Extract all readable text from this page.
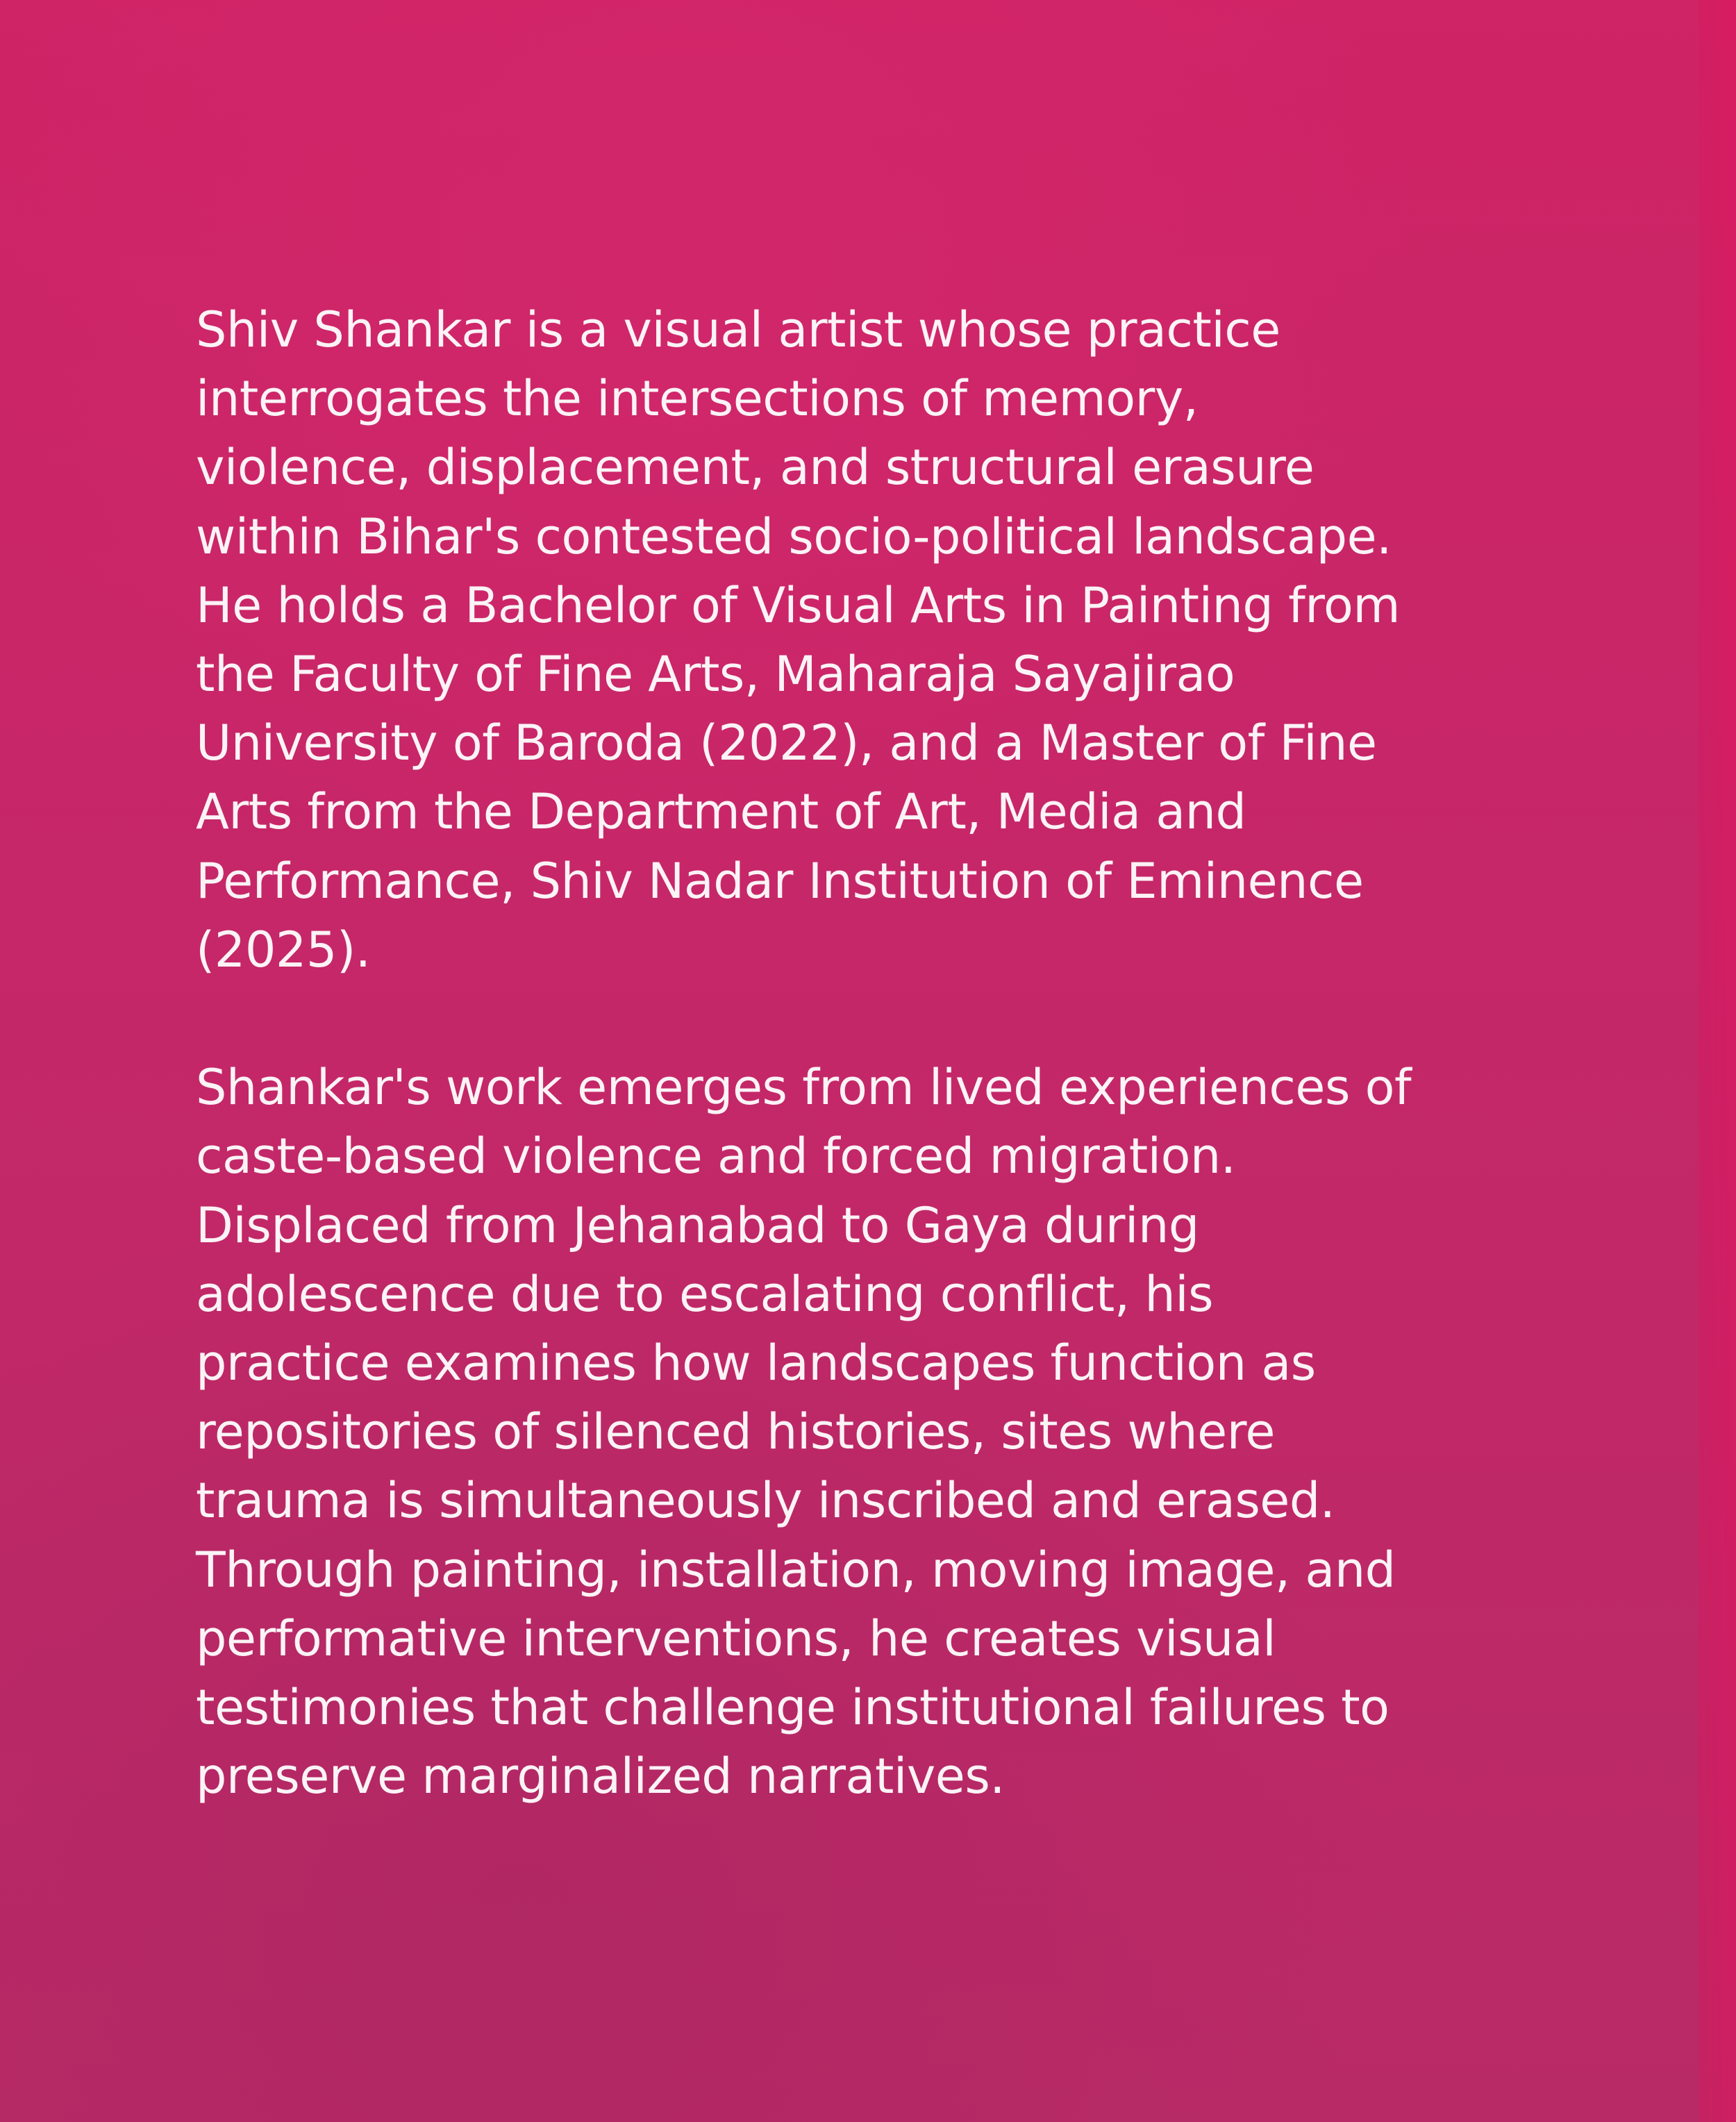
Shiv Shankar is a visual artist whose practice
interrogates the intersections of memory,
violence, displacement, and structural erasure
within Bihar's contested socio-political landscape.
He holds a Bachelor of Visual Arts in Painting from
the Faculty of Fine Arts, Maharaja Sayajirao
University of Baroda (2022), and a Master of Fine
Arts from the Department of Art, Media and
Performance, Shiv Nadar Institution of Eminence
(2025).
Shankar's work emerges from lived experiences of
caste-based violence and forced migration.
Displaced from Jehanabad to Gaya during
adolescence due to escalating conflict, his
practice examines how landscapes function as
repositories of silenced histories, sites where
trauma is simultaneously inscribed and erased.
Through painting, installation, moving image, and
performative interventions, he creates visual
testimonies that challenge institutional failures to
preserve marginalized narratives.
